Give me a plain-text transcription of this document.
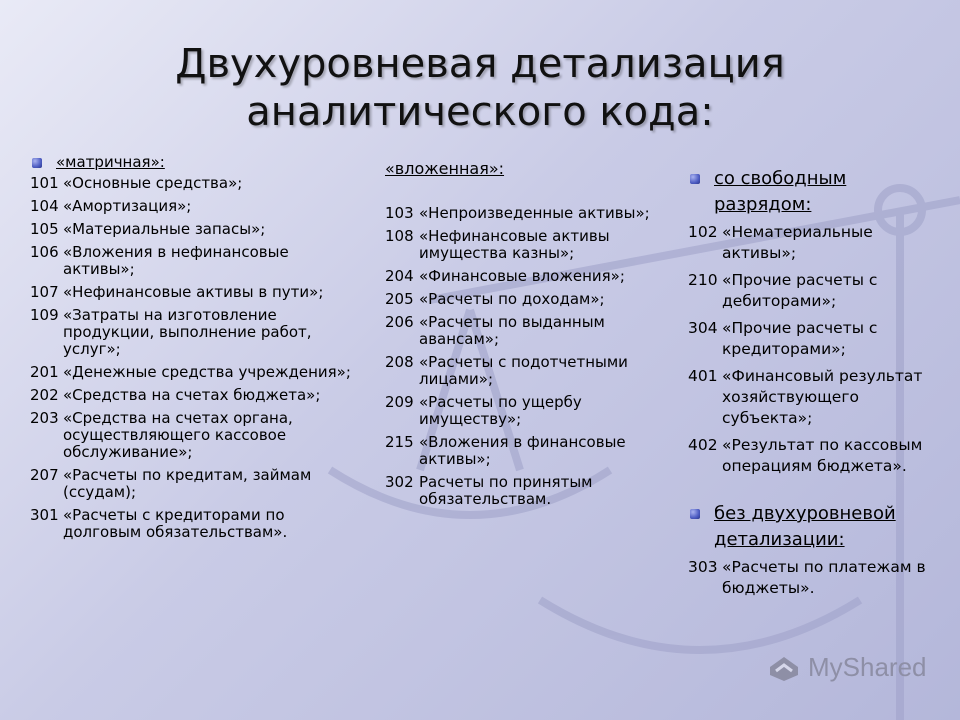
Двухуровневая детализация
аналитического кода:
«матричная»:
101 «Основные средства»;
104 «Амортизация»;
105 «Материальные запасы»;
106 «Вложения в нефинансовые активы»;
107 «Нефинансовые активы в пути»;
109 «Затраты на изготовление продукции, выполнение работ, услуг»;
201 «Денежные средства учреждения»;
202 «Средства на счетах бюджета»;
203 «Средства на счетах органа, осуществляющего кассовое обслуживание»;
207 «Расчеты по кредитам, займам (ссудам);
301 «Расчеты с кредиторами по долговым обязательствам».
«вложенная»:
103 «Непроизведенные активы»;
108 «Нефинансовые активы имущества казны»;
204 «Финансовые вложения»;
205 «Расчеты по доходам»;
206 «Расчеты по выданным авансам»;
208 «Расчеты с подотчетными лицами»;
209 «Расчеты по ущербу имуществу»;
215 «Вложения в финансовые активы»;
302 Расчеты по принятым обязательствам.
со свободным разрядом:
102 «Нематериальные активы»;
210 «Прочие расчеты с дебиторами»;
304 «Прочие расчеты с кредиторами»;
401 «Финансовый результат хозяйствующего субъекта»;
402 «Результат по кассовым операциям бюджета».
без двухуровневой детализации:
303 «Расчеты по платежам в бюджеты».
MyShared
